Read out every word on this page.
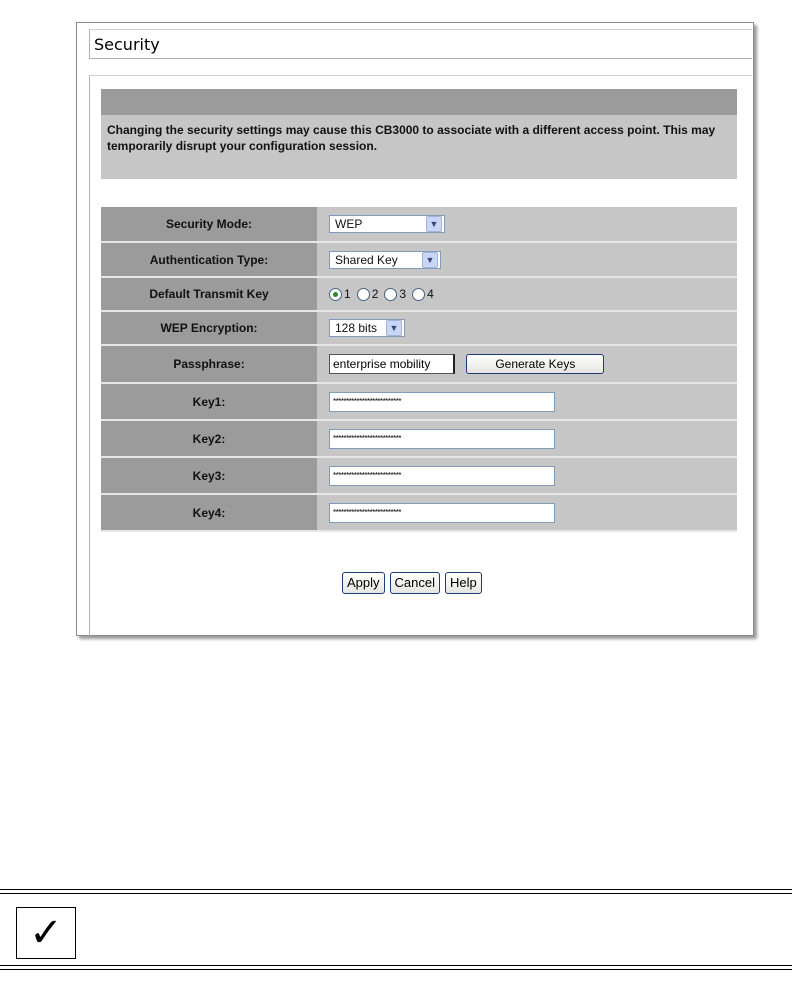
Security
Changing the security settings may cause this CB3000 to associate with a different access point. This may temporarily disrupt your configuration session.
Security Mode:	WEP ▼

Authentication Type:	Shared Key ▼

Default Transmit Key	1 2 3 4

WEP Encryption:	128 bits ▼

Passphrase:	enterprise mobility Generate Keys
Key1:	**************************
Key2:	**************************
Key3:	**************************
Key4:	**************************
Apply	Cancel	Help
✓
